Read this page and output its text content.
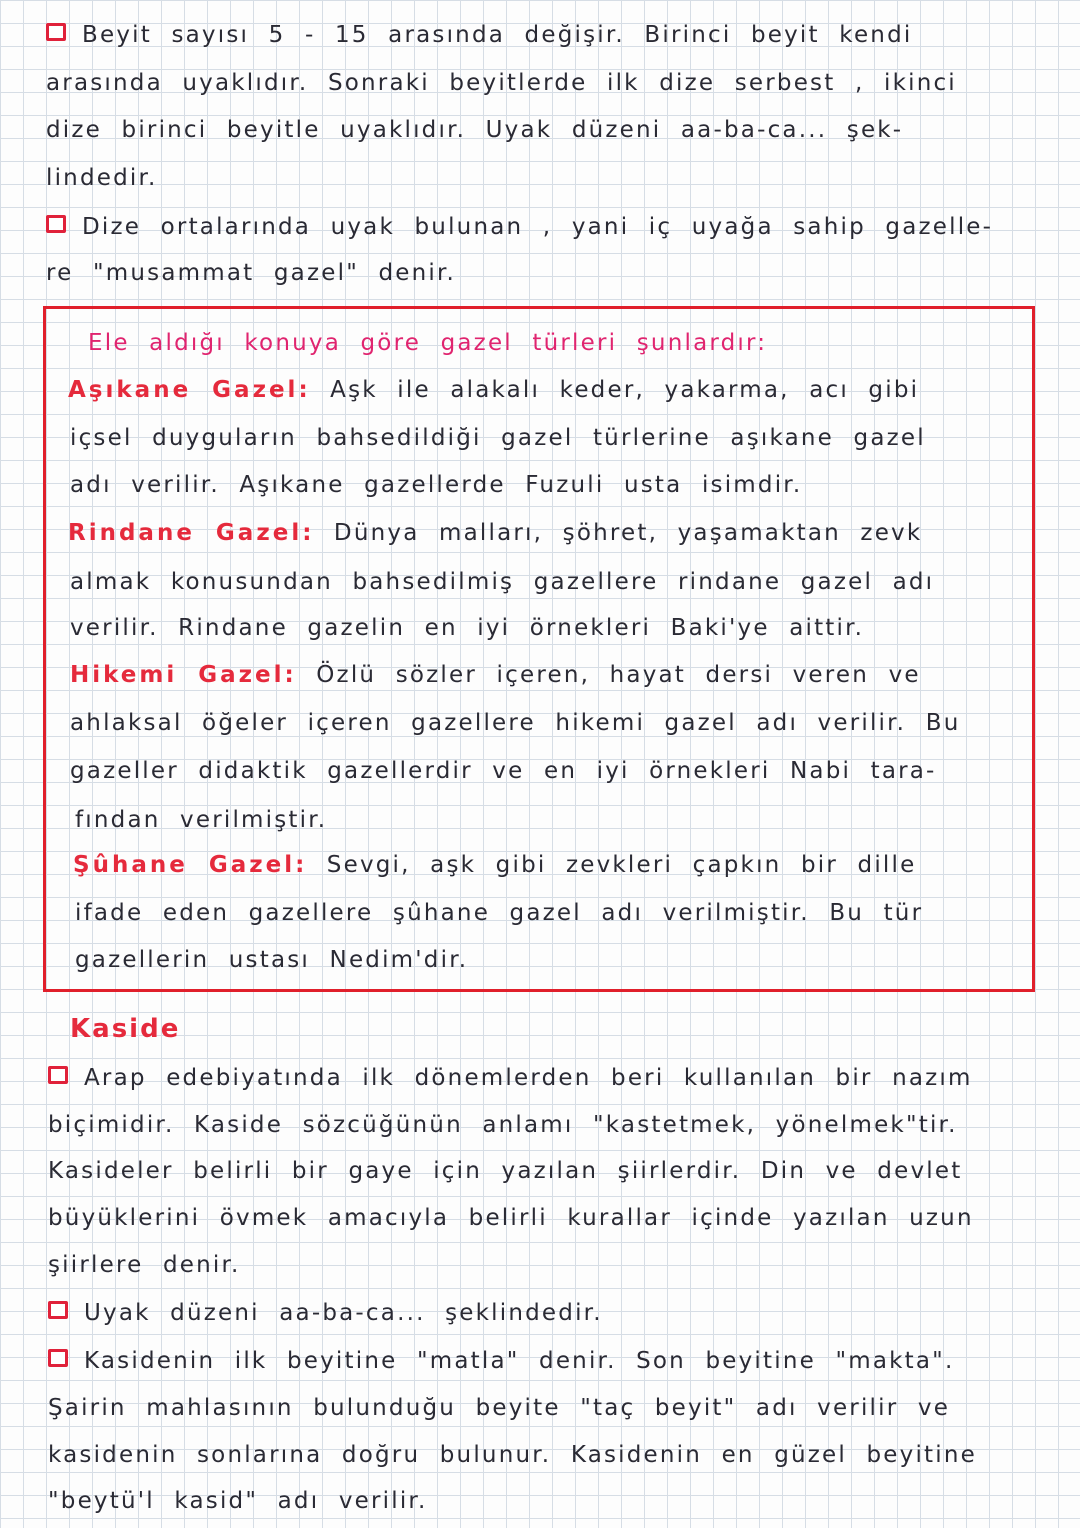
Beyit sayısı 5 - 15 arasında değişir. Birinci beyit kendi
arasında uyaklıdır. Sonraki beyitlerde ilk dize serbest , ikinci
dize birinci beyitle uyaklıdır. Uyak düzeni aa-ba-ca... şek-
lindedir.
Dize ortalarında uyak bulunan , yani iç uyağa sahip gazelle-
re "musammat gazel" denir.
Ele aldığı konuya göre gazel türleri şunlardır:
Aşıkane Gazel: Aşk ile alakalı keder, yakarma, acı gibi
içsel duyguların bahsedildiği gazel türlerine aşıkane gazel
adı verilir. Aşıkane gazellerde Fuzuli usta isimdir.
Rindane Gazel: Dünya malları, şöhret, yaşamaktan zevk
almak konusundan bahsedilmiş gazellere rindane gazel adı
verilir. Rindane gazelin en iyi örnekleri Baki'ye aittir.
Hikemi Gazel: Özlü sözler içeren, hayat dersi veren ve
ahlaksal öğeler içeren gazellere hikemi gazel adı verilir. Bu
gazeller didaktik gazellerdir ve en iyi örnekleri Nabi tara-
fından verilmiştir.
Şûhane Gazel: Sevgi, aşk gibi zevkleri çapkın bir dille
ifade eden gazellere şûhane gazel adı verilmiştir. Bu tür
gazellerin ustası Nedim'dir.
Kaside
Arap edebiyatında ilk dönemlerden beri kullanılan bir nazım
biçimidir. Kaside sözcüğünün anlamı "kastetmek, yönelmek"tir.
Kasideler belirli bir gaye için yazılan şiirlerdir. Din ve devlet
büyüklerini övmek amacıyla belirli kurallar içinde yazılan uzun
şiirlere denir.
Uyak düzeni aa-ba-ca... şeklindedir.
Kasidenin ilk beyitine "matla" denir. Son beyitine "makta".
Şairin mahlasının bulunduğu beyite "taç beyit" adı verilir ve
kasidenin sonlarına doğru bulunur. Kasidenin en güzel beyitine
"beytü'l kasid" adı verilir.
